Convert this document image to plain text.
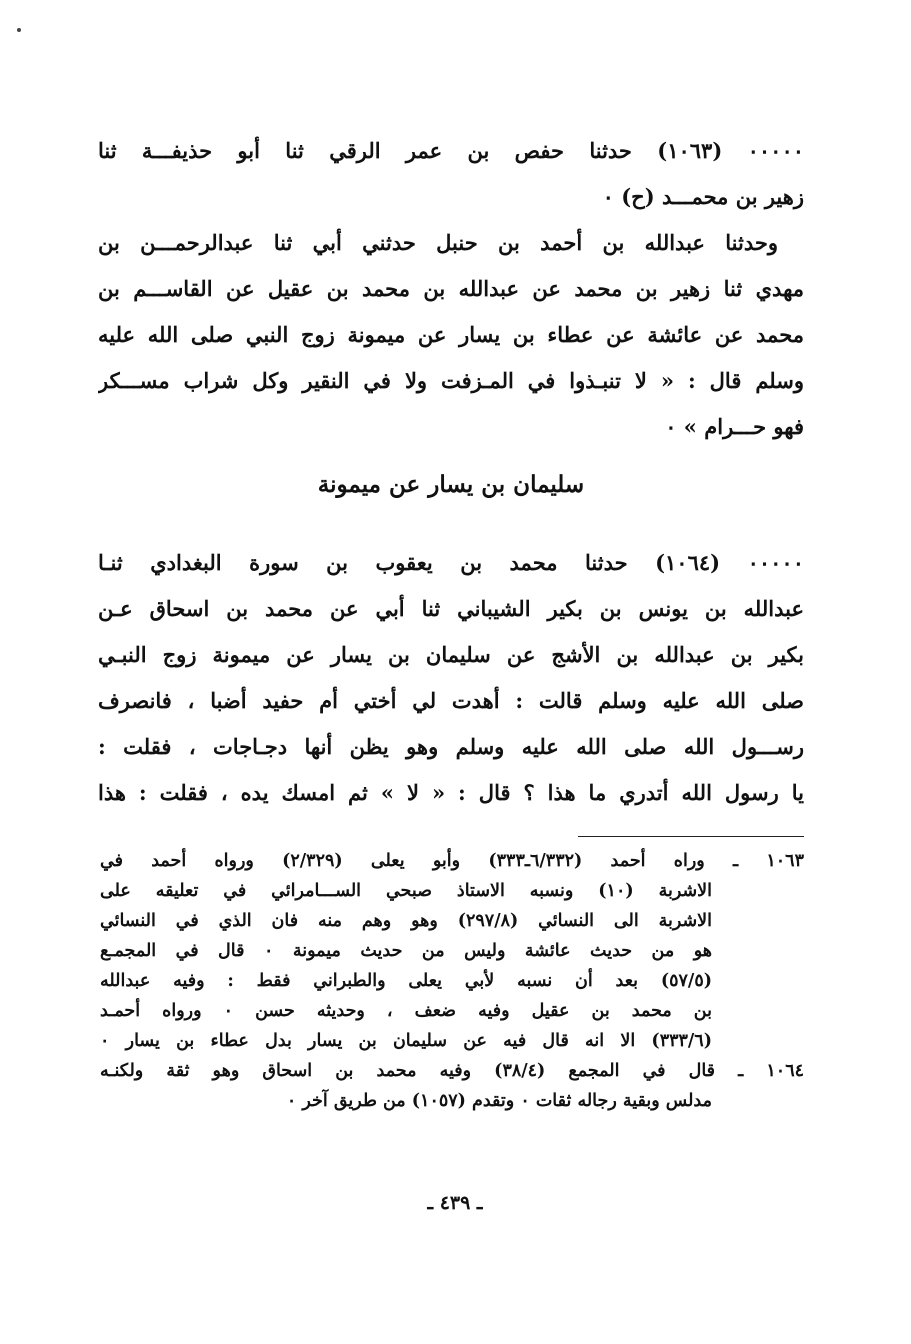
٠٠٠٠٠ (١٠٦٣) حدثنا حفص بن عمر الرقي ثنا أبو حذيفـــة ثنا
زهير بن محمـــد (ح) ٠
وحدثنا عبدالله بن أحمد بن حنبل حدثني أبي ثنا عبدالرحمـــن بن
مهدي ثنا زهير بن محمد عن عبدالله بن محمد بن عقيل عن القاســـم بن
محمد عن عائشة عن عطاء بن يسار عن ميمونة زوج النبي صلى الله عليه
وسلم قال : « لا تنبـذوا في المـزفت ولا في النقير وكل شراب مســـكر
فهو حـــرام » ٠
سليمان بن يسار عن ميمونة
٠٠٠٠٠ (١٠٦٤) حدثنا محمد بن يعقوب بن سورة البغدادي ثنـا
عبدالله بن يونس بن بكير الشيباني ثنا أبي عن محمد بن اسحاق عـن
بكير بن عبدالله بن الأشج عن سليمان بن يسار عن ميمونة زوج النبـي
صلى الله عليه وسلم قالت : أهدت لي أختي أم حفيد أضبا ، فانصرف
رســـول الله صلى الله عليه وسلم وهو يظن أنها دجـاجات ، فقلت :
يا رسول الله أتدري ما هذا ؟ قال : « لا » ثم امسك يده ، فقلت : هذا
١٠٦٣ ـ وراه أحمد (٦/٣٣٢ـ٣٣٣) وأبو يعلى (٢/٣٢٩) ورواه أحمد في
الاشربة (١٠) ونسبه الاستاذ صبحي الســـامرائي في تعليقه على
الاشربة الى النسائي (٢٩٧/٨) وهو وهم منه فان الذي في النسائي
هو من حديث عائشة وليس من حديث ميمونة ٠ قال في المجمـع
(٥٧/٥) بعد أن نسبه لأبي يعلى والطبراني فقط : وفيه عبدالله
بن محمد بن عقيل وفيه ضعف ، وحديثه حسن ٠ ورواه أحمـد
(٣٣٣/٦) الا انه قال فيه عن سليمان بن يسار بدل عطاء بن يسار ٠
١٠٦٤ ـ قال في المجمع (٣٨/٤) وفيه محمد بن اسحاق وهو ثقة ولكنـه
مدلس وبقية رجاله ثقات ٠ وتقدم (١٠٥٧) من طريق آخر ٠
ـ ٤٣٩ ـ
